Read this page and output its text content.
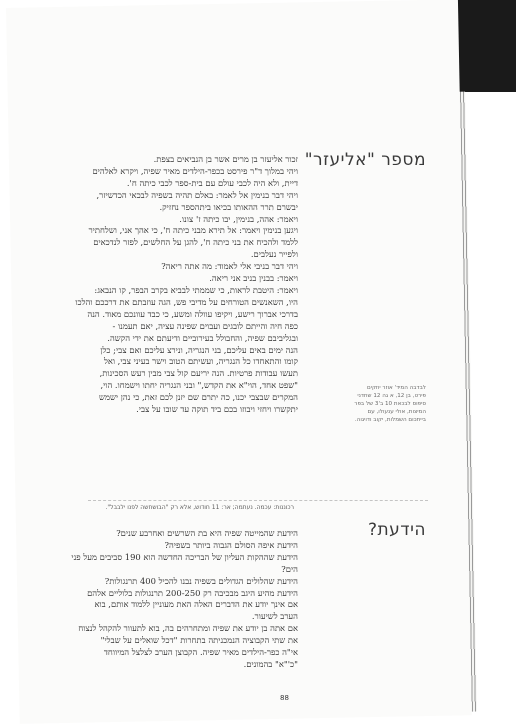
מספר "אליעזר"

זכור אליעזר בן מרים אשר בן הנביאים בצפת.

ויהי במלוך ד"ר פירסט בכפר-הילדים מאיר שפיה, ויקרא לאלהים

דיית, ולא היה לכבי עולם עם בית-ספר לכבי כיתה ח'.

ויהי דבר בנימין אל לאמר: באלם תהיה בשפיה לבכאי הכדשיזר,

יבשרם תרר ההאותו בכיאו ביתהספר נחזיק.

ויאמר: אהה, בנימין, יבו כיתה ז' צונו.

ויגען בנימין ויאמר: אל תירא מבני כיתה ח', כי אהך אני, ושלחתיר

ללמד ולהכיח את בני כיתה ח', להגן על החלשים, לפזר לנדכאים

ולפייר נעלבים.

ויהי דבר בניבי אלי לאמוד: מה אתה ריאה?

ויאמר: בבנין בניב אני ריאה.

ויאמר: היטבת לראות, כי שממתי לבביא בקרב הבפר, קו הנבאג:

היו, השאנשים הטורחים על מדיבי פש, הגה עוזבתם את דרככם והלכו

בדרכי אברוך רישע, ויקיפו עוולה ומשע, כי כבד עוונכם מאוד. הנה

כפה חיה והייתם לובגים ועבוים שפינה עציה, יאם תעמנו -

ובגליביבם שפיה, והחבולל בעירוביים ודיעתם את ידי הקשה.

הנה ימים באים עליכם, בני הנגריה, ונירצ עליכם ואם צבי; כלן

קומו והתאחדו כל הנגריה, ועשיתם הטוב וישר בעיני צבי, ואל

תעשו עבודות פרטיות. הנה יריעם קול צבי מבין רעש הסכינות,

"שפט אחד, הוי"א את הקדש," ובני הנגריה יחתו וישמחו. הוי,

המקרים שבצבי יכנו, כה יתרם שם יזנן לכם זאת, כי נהן ישמש

יתקשרו ויחזי ויבוזו בכם ביד תוקה עד שובו על צבי.

לבדבה המיד' אוזר יוזקים

פירט, בן 12, א גה 12 שחדני

סיפוס לבכאת 10 ב'3 של בפר

המיצות, אולי ענעולו, עם

בייתכום השמלות, יקוב ודויגוה.

רכוננות: עכמה. נעתמה; אר: 11 חודוש, אלא רק "הבושחשה לפנו ילבבל".
הידעת?

הידעת שהמייטה שפיה היא בת השרשים ואחרבע שנים?

הידעת איפה הסולם הגבוה ביותר בשפיה?

הידעת שההקות העליון של הבריכה החדשה הוא 190 סביבים מעל פני

הים?

הידעת שהלולים הגדולים בשפיה נבנו להכיל 400 תרנגולות?

הידעת מהיע היגב מבכיבה רק 200-250 תרנגולות בלוליים אלהם

אם אינך יודע את הדברים האלה האת מעוניין ללמוד אותם, בוא

הערב לשיעור.

אם אתה בן יודע את שפיה ומתחרהים בה, בוא לתעוור להקהל לנצוח

את שתי הקבוציה הנמכניתה בתחרות "דכל שואלים על שבלי"

אי"ה כפר-הילדים מאיר שפיה. הקבוצן הערב לצלצל המיווחד

"כ'"א" בהמונים.

88
